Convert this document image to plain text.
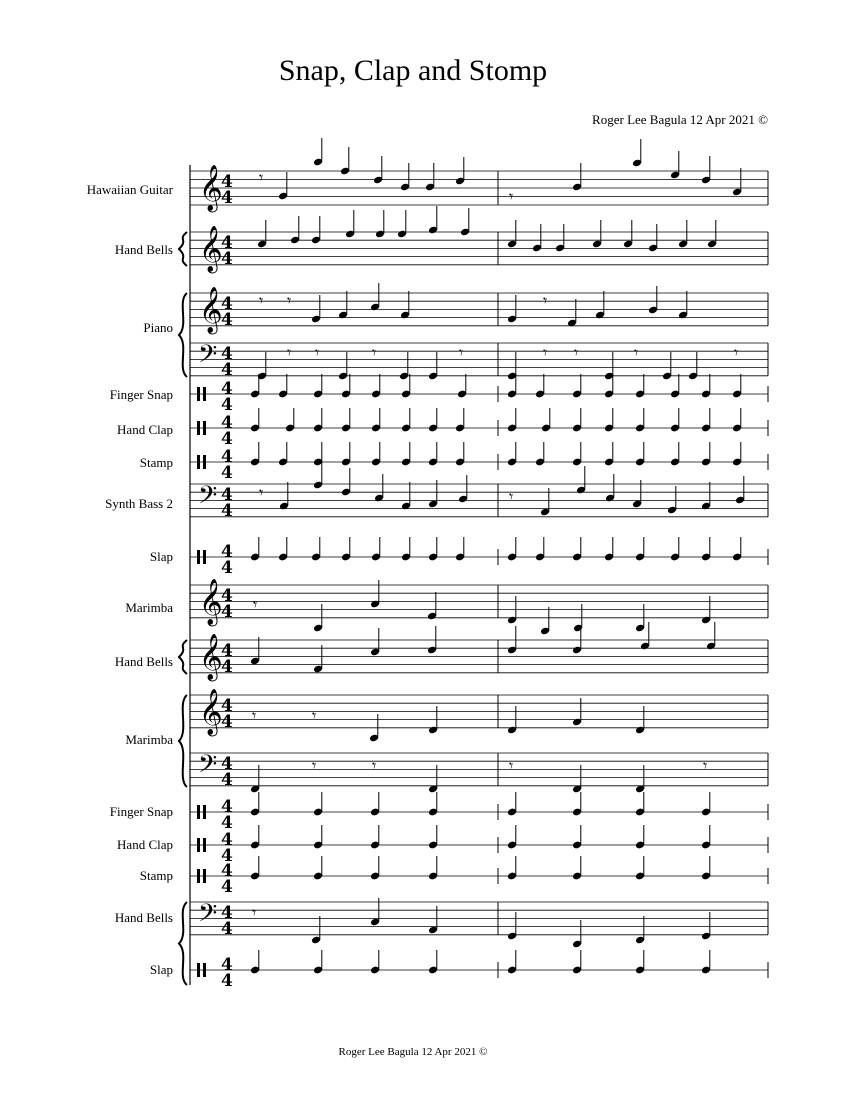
Snap, Clap and Stomp
Roger Lee Bagula 12 Apr 2021 ©
Hawaiian Guitar
Hand Bells
Piano
Finger Snap
Hand Clap
Stamp
Synth Bass 2
Slap
Marimba
Hand Bells
Marimba
Finger Snap
Hand Clap
Stamp
Hand Bells
Slap
𝄞
4
4
𝄞
4
4
𝄞
4
4
𝄢 4
4
𝄢 4
4
𝄞
4
4
𝄞
4
4
𝄞
4
4
𝄢 4
4
𝄢 4
4
4
4
4
4
4
4
4
4
4
4
4
4
4
4
4
4
𝄾
𝄾
𝄾 𝄾	𝄾
𝄾 𝄾	𝄾	𝄾	𝄾 𝄾	𝄾	𝄾
𝄾	𝄾
𝄾
𝄾	𝄾
𝄾	𝄾	𝄾	𝄾
𝄾
Roger Lee Bagula 12 Apr 2021 ©
